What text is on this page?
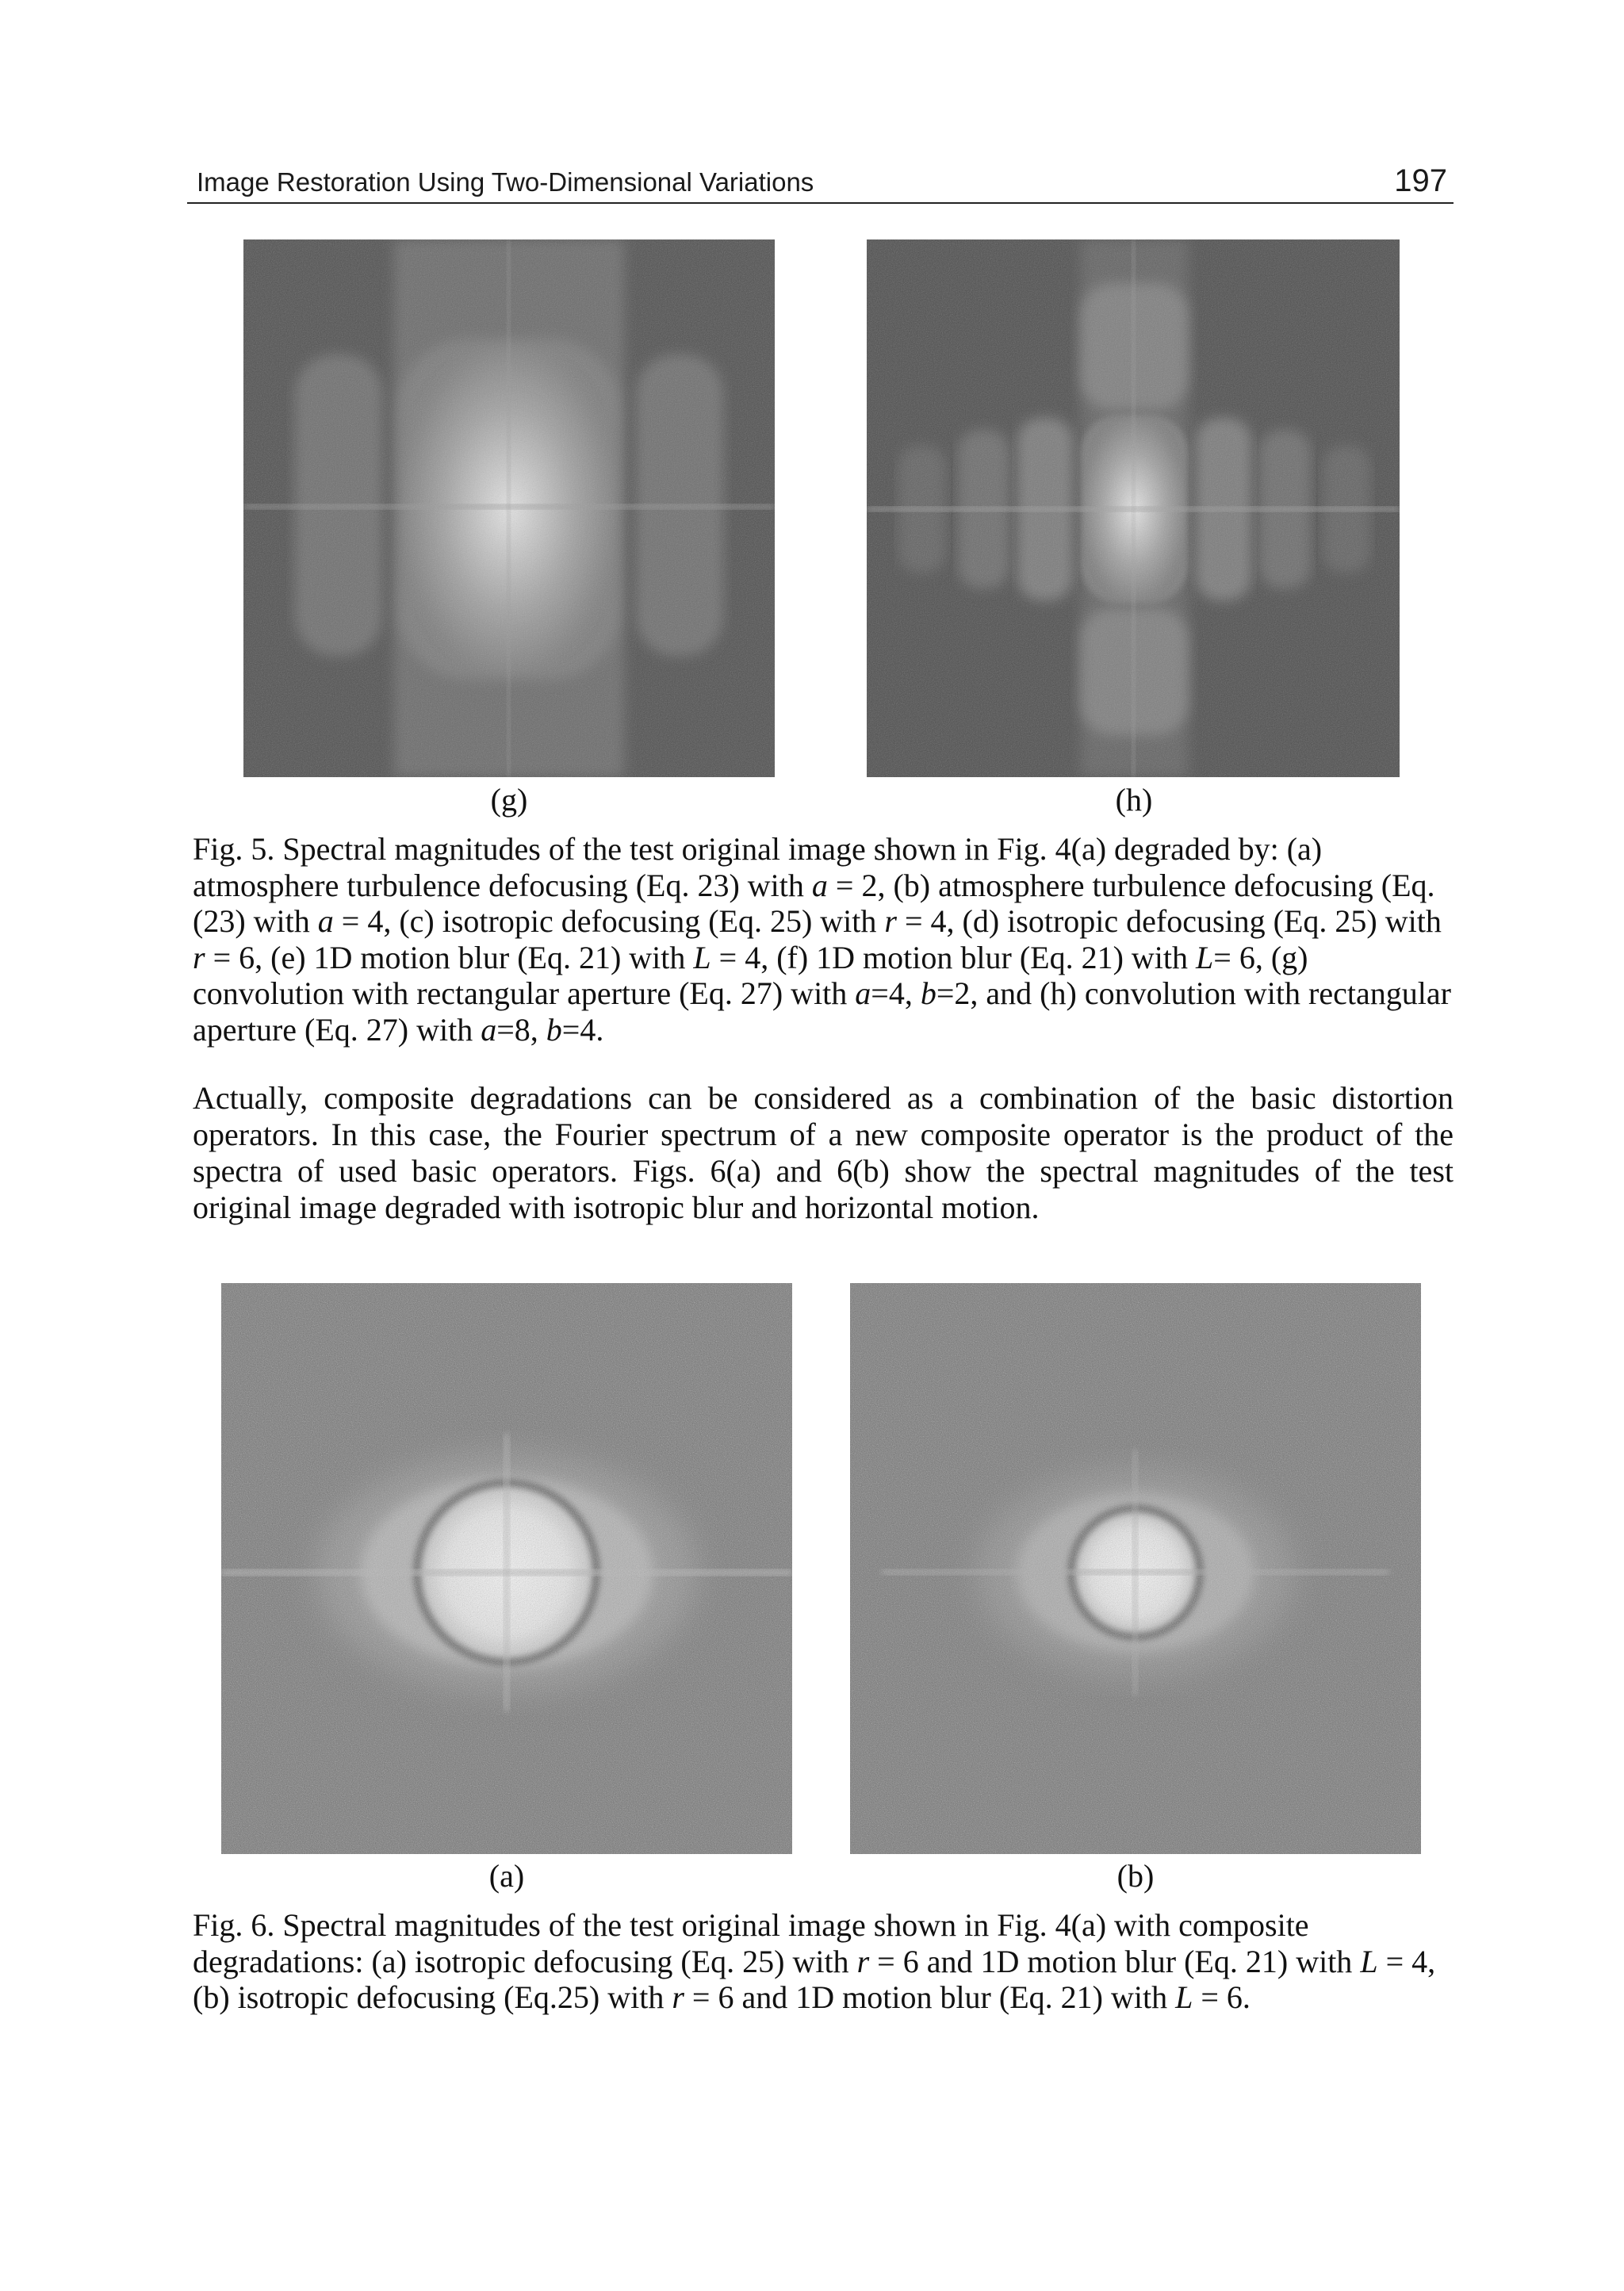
Image Restoration Using Two-Dimensional Variations	197
(g)	(h)
Fig. 5. Spectral magnitudes of the test original image shown in Fig. 4(a) degraded by: (a) atmosphere turbulence defocusing (Eq. 23) with a = 2, (b) atmosphere turbulence defocusing (Eq. (23) with a = 4, (c) isotropic defocusing (Eq. 25) with r = 4, (d) isotropic defocusing (Eq. 25) with r = 6, (e) 1D motion blur (Eq. 21) with L = 4, (f) 1D motion blur (Eq. 21) with L= 6, (g) convolution with rectangular aperture (Eq. 27) with a=4, b=2, and (h) convolution with rectangular aperture (Eq. 27) with a=8, b=4.
Actually, composite degradations can be considered as a combination of the basic distortion operators. In this case, the Fourier spectrum of a new composite operator is the product of the spectra of used basic operators. Figs. 6(a) and 6(b) show the spectral magnitudes of the test original image degraded with isotropic blur and horizontal motion.
(a)	(b)
Fig. 6. Spectral magnitudes of the test original image shown in Fig. 4(a) with composite degradations: (a) isotropic defocusing (Eq. 25) with r = 6 and 1D motion blur (Eq. 21) with L = 4, (b) isotropic defocusing (Eq.25) with r = 6 and 1D motion blur (Eq. 21) with L = 6.
